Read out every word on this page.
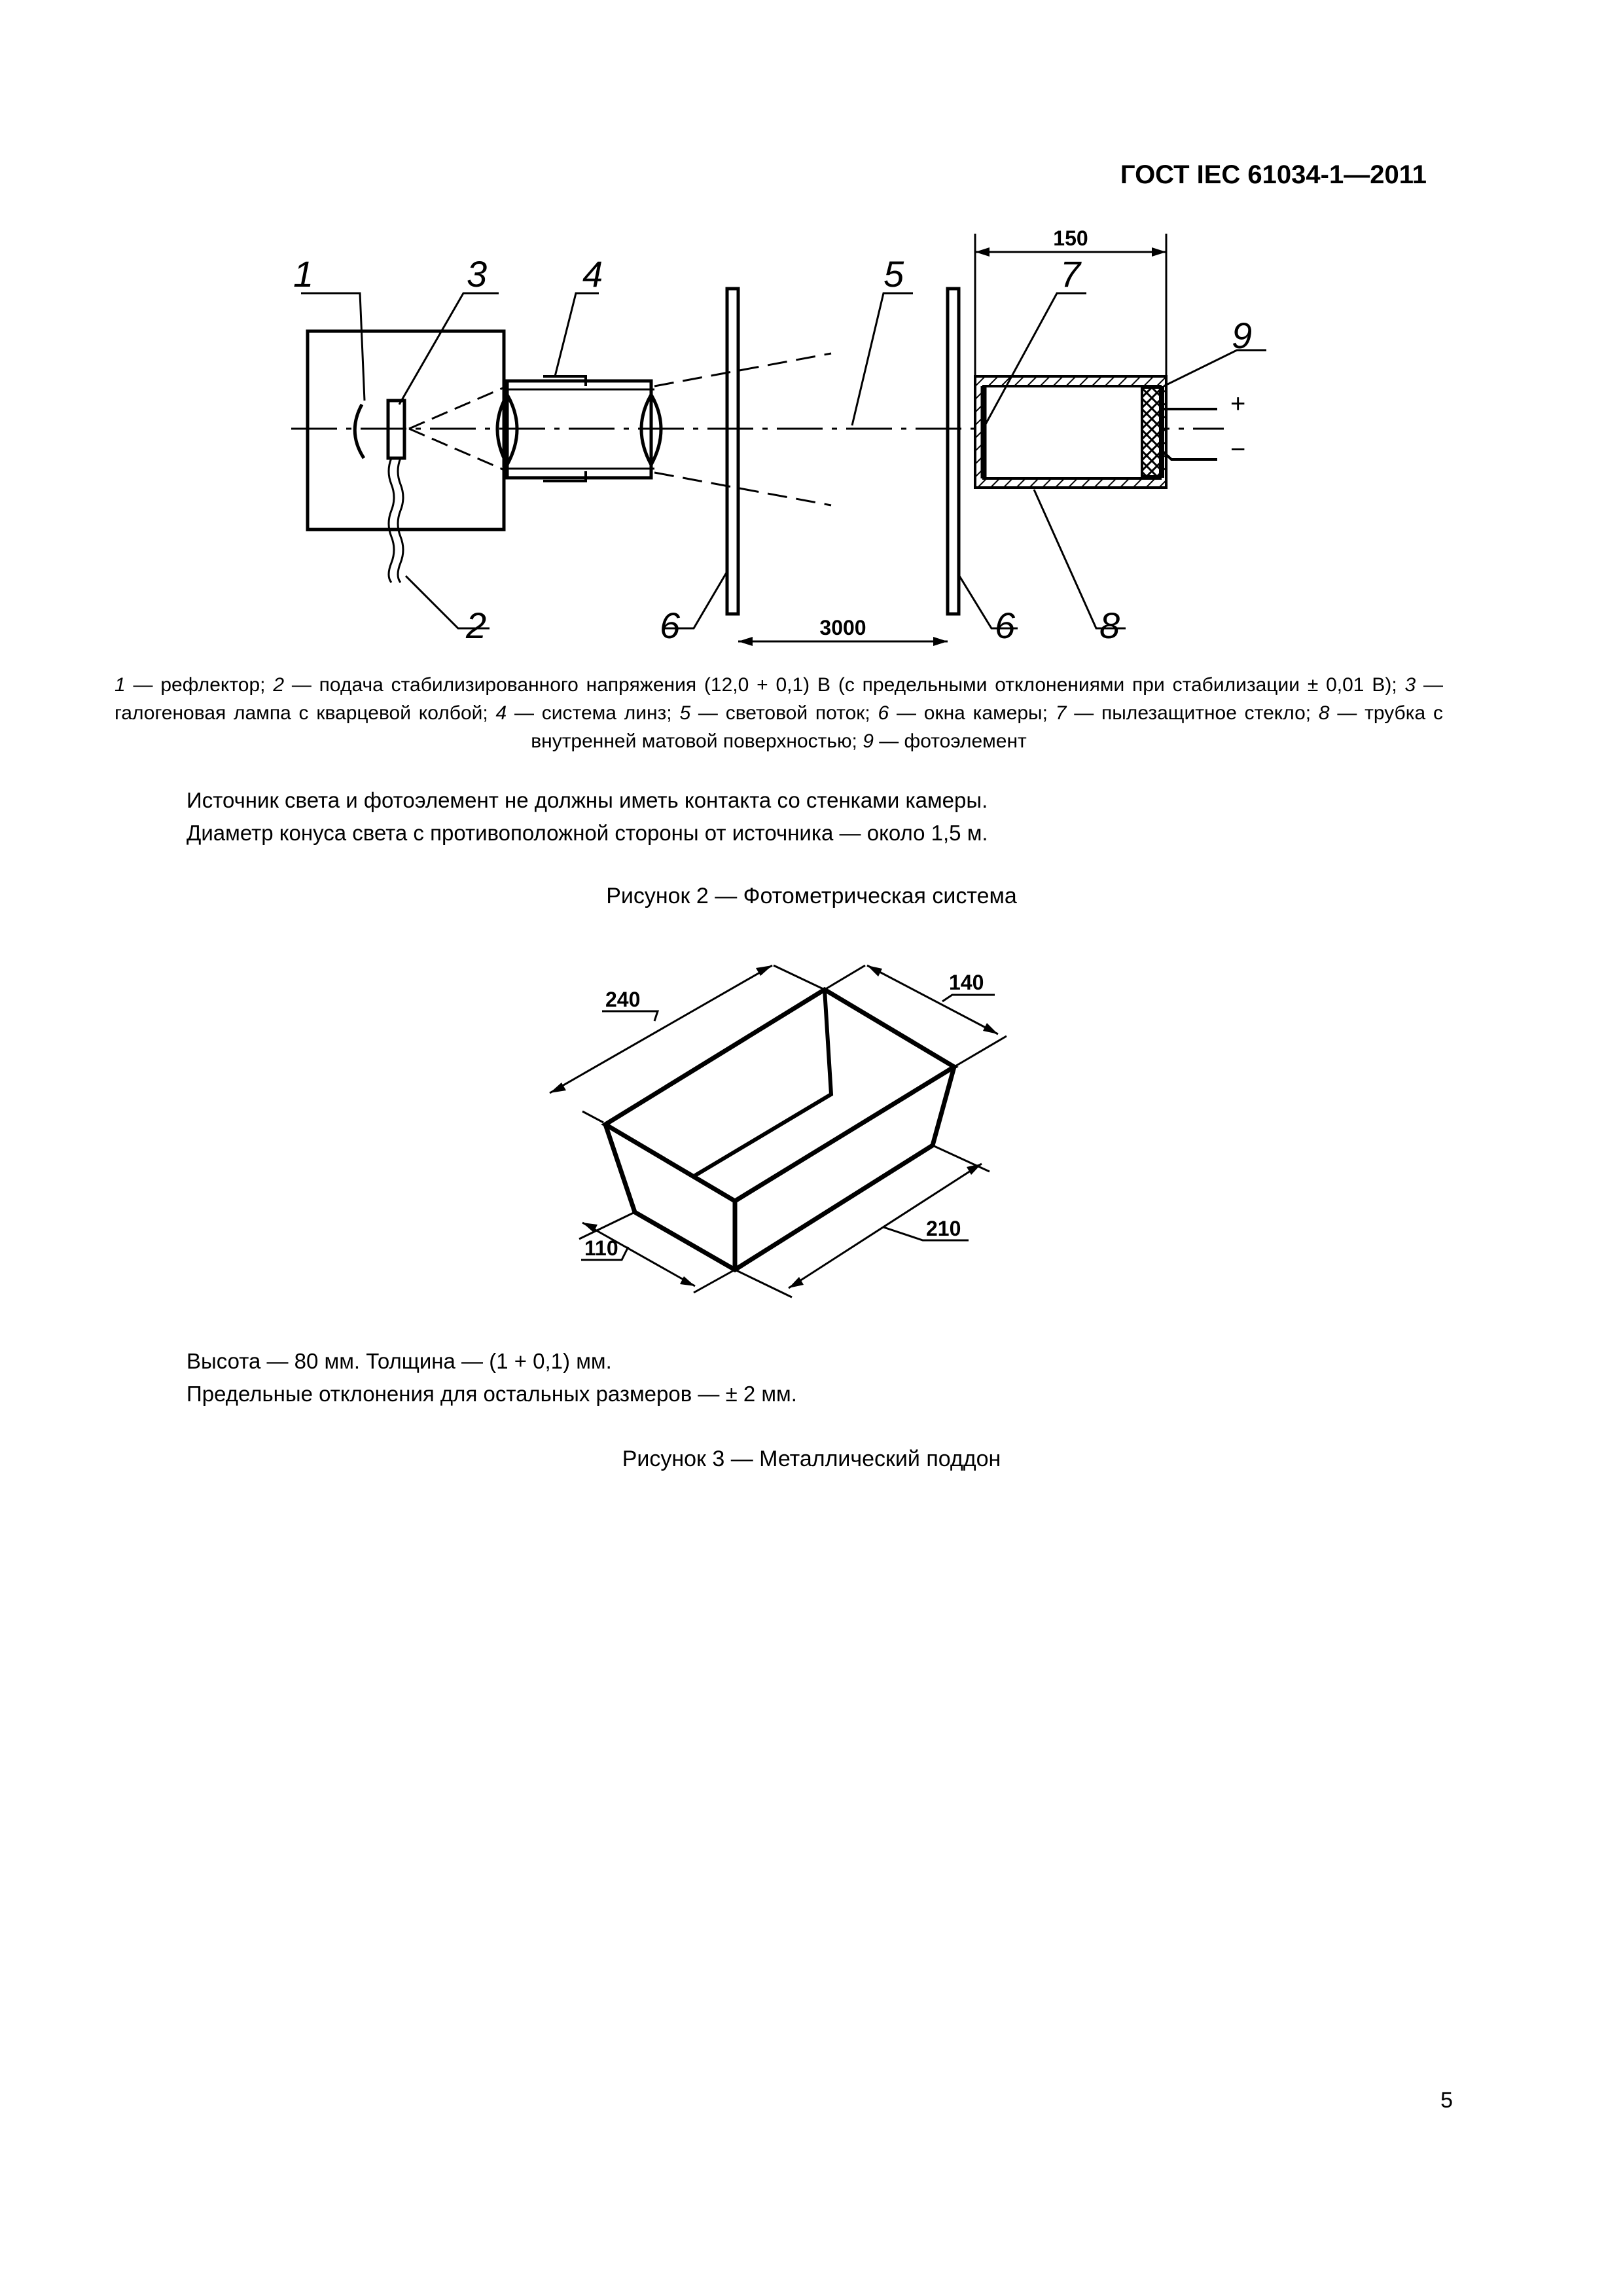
ГОСТ IEC 61034-1—2011
1
2
3	4	5
6	6
7
8
9
150
3000
+
−
1 — рефлектор; 2 — подача стабилизированного напряжения (12,0 + 0,1) В (с предельными отклонениями при стабилизации ± 0,01 В); 3 — галогеновая лампа с кварцевой колбой; 4 — система линз; 5 — световой поток; 6 — окна камеры; 7 — пылезащитное стекло; 8 — трубка с внутренней матовой поверхностью; 9 — фотоэлемент
Источник света и фотоэлемент не должны иметь контакта со стенками камеры.
Диаметр конуса света с противоположной стороны от источника — около 1,5 м.
Рисунок 2 — Фотометрическая система
240
140
110
210
Высота — 80 мм. Толщина — (1 + 0,1) мм.
Предельные отклонения для остальных размеров — ± 2 мм.
Рисунок 3 — Металлический поддон
5
